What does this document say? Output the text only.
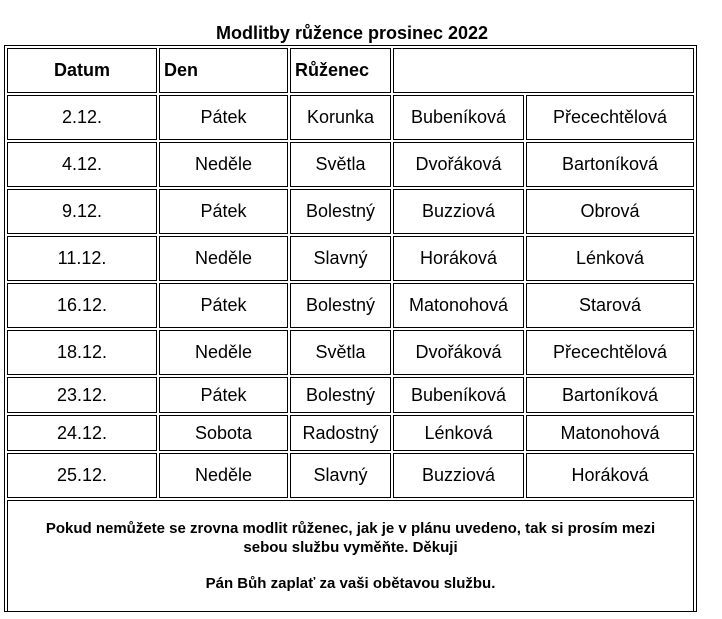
Modlitby růžence prosinec 2022
Datum	Den	Růženec		
2.12.	Pátek	Korunka	Bubeníková	Přecechtělová
4.12.	Neděle	Světla	Dvořáková	Bartoníková
9.12.	Pátek	Bolestný	Buzziová	Obrová
11.12.	Neděle	Slavný	Horáková	Lénková
16.12.	Pátek	Bolestný	Matonohová	Starová
18.12.	Neděle	Světla	Dvořáková	Přecechtělová
23.12.	Pátek	Bolestný	Bubeníková	Bartoníková
24.12.	Sobota	Radostný	Lénková	Matonohová
25.12.	Neděle	Slavný	Buzziová	Horáková

Pokud nemůžete se zrovna modlit růženec, jak je v plánu uvedeno, tak si prosím mezi sebou službu vyměňte. Děkuji

Pán Bůh zaplať za vaši obětavou službu.				
